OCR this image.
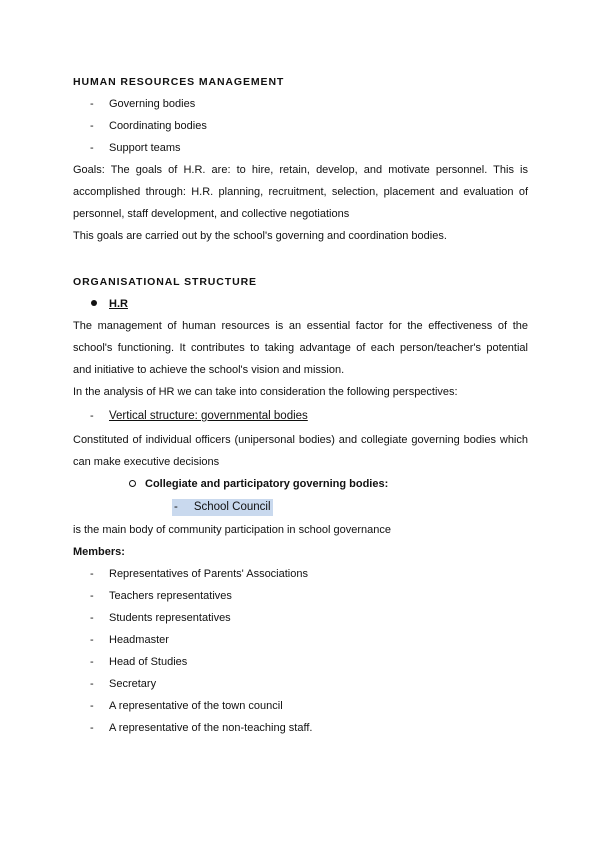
HUMAN RESOURCES MANAGEMENT
- Governing bodies
- Coordinating bodies
- Support teams
Goals: The goals of H.R. are: to hire, retain, develop, and motivate personnel. This is
accomplished through: H.R. planning, recruitment, selection, placement and evaluation of
personnel, staff development, and collective negotiations
This goals are carried out by the school's governing and coordination bodies.
ORGANISATIONAL STRUCTURE
H.R
The management of human resources is an essential factor for the effectiveness of the
school's functioning. It contributes to taking advantage of each person/teacher's potential
and initiative to achieve the school's vision and mission.
In the analysis of HR we can take into consideration the following perspectives:
- Vertical structure: governmental bodies
Constituted of individual officers (unipersonal bodies) and collegiate governing bodies which
can make executive decisions
Collegiate and participatory governing bodies:
- School Council
is the main body of community participation in school governance
Members:
- Representatives of Parents' Associations
- Teachers representatives
- Students representatives
- Headmaster
- Head of Studies
- Secretary
- A representative of the town council
- A representative of the non-teaching staff.
